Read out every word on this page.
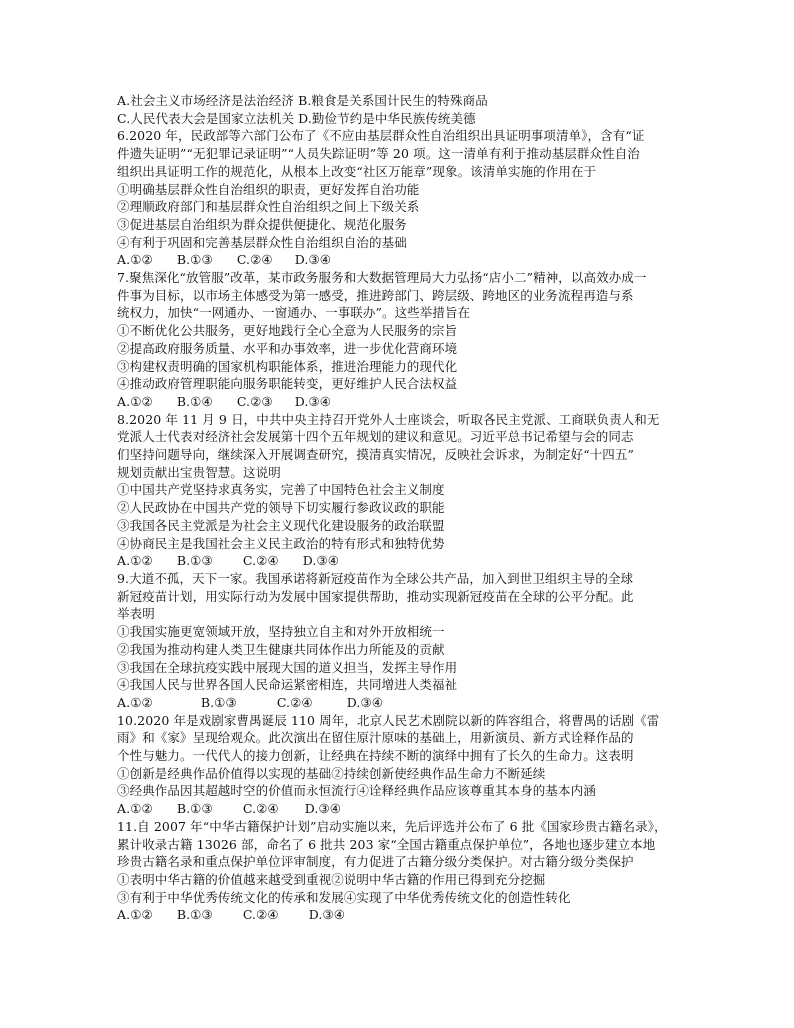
A.社会主义市场经济是法治经济 B.粮食是关系国计民生的特殊商品
C.人民代表大会是国家立法机关 D.勤俭节约是中华民族传统美德
6.2020 年，民政部等六部门公布了《不应由基层群众性自治组织出具证明事项清单》，含有“证
件遗失证明”“无犯罪记录证明”“人员失踪证明”等 20 项。这一清单有利于推动基层群众性自治
组织出具证明工作的规范化，从根本上改变“社区万能章”现象。该清单实施的作用在于
①明确基层群众性自治组织的职责，更好发挥自治功能
②理顺政府部门和基层群众性自治组织之间上下级关系
③促进基层自治组织为群众提供便捷化、规范化服务
④有利于巩固和完善基层群众性自治组织自治的基础
A.①② B.①③ C.②④ D.③④
7.聚焦深化“放管服”改革，某市政务服务和大数据管理局大力弘扬“店小二”精神，以高效办成一
件事为目标，以市场主体感受为第一感受，推进跨部门、跨层级、跨地区的业务流程再造与系
统权力，加快“一网通办、一窗通办、一事联办”。这些举措旨在
①不断优化公共服务，更好地践行全心全意为人民服务的宗旨
②提高政府服务质量、水平和办事效率，进一步优化营商环境
③构建权责明确的国家机构职能体系，推进治理能力的现代化
④推动政府管理职能向服务职能转变，更好维护人民合法权益
A.①② B.①④ C.②③ D.③④
8.2020 年 11 月 9 日，中共中央主持召开党外人士座谈会，听取各民主党派、工商联负责人和无
党派人士代表对经济社会发展第十四个五年规划的建议和意见。习近平总书记希望与会的同志
们坚持问题导向，继续深入开展调查研究，摸清真实情况，反映社会诉求，为制定好“十四五”
规划贡献出宝贵智慧。这说明
①中国共产党坚持求真务实，完善了中国特色社会主义制度
②人民政协在中国共产党的领导下切实履行参政议政的职能
③我国各民主党派是为社会主义现代化建设服务的政治联盟
④协商民主是我国社会主义民主政治的特有形式和独特优势
A.①② B.①③ C.②④ D.③④
9.大道不孤，天下一家。我国承诺将新冠疫苗作为全球公共产品，加入到世卫组织主导的全球
新冠疫苗计划，用实际行动为发展中国家提供帮助，推动实现新冠疫苗在全球的公平分配。此
举表明
①我国实施更宽领域开放，坚持独立自主和对外开放相统一
②我国为推动构建人类卫生健康共同体作出力所能及的贡献
③我国在全球抗疫实践中展现大国的道义担当，发挥主导作用
④我国人民与世界各国人民命运紧密相连，共同增进人类福祉
A.①②	B.①③	C.②④	D.③④
10.2020 年是戏剧家曹禺诞辰 110 周年，北京人民艺术剧院以新的阵容组合，将曹禺的话剧《雷
雨》和《家》呈现给观众。此次演出在留住原汁原味的基础上，用新演员、新方式诠释作品的
个性与魅力。一代代人的接力创新，让经典在持续不断的演绎中拥有了长久的生命力。这表明
①创新是经典作品价值得以实现的基础②持续创新使经典作品生命力不断延续
③经典作品因其超越时空的价值而永恒流行④诠释经典作品应该尊重其本身的基本内涵
A.①② B.①③ C.②④ D.③④
11.自 2007 年“中华古籍保护计划”启动实施以来，先后评选并公布了 6 批《国家珍贵古籍名录》，
累计收录古籍 13026 部，命名了 6 批共 203 家“全国古籍重点保护单位”，各地也逐步建立本地
珍贵古籍名录和重点保护单位评审制度，有力促进了古籍分级分类保护。对古籍分级分类保护
①表明中华古籍的价值越来越受到重视②说明中华古籍的作用已得到充分挖掘
③有利于中华优秀传统文化的传承和发展④实现了中华优秀传统文化的创造性转化
A.①② B.①③ C.②④ D.③④
